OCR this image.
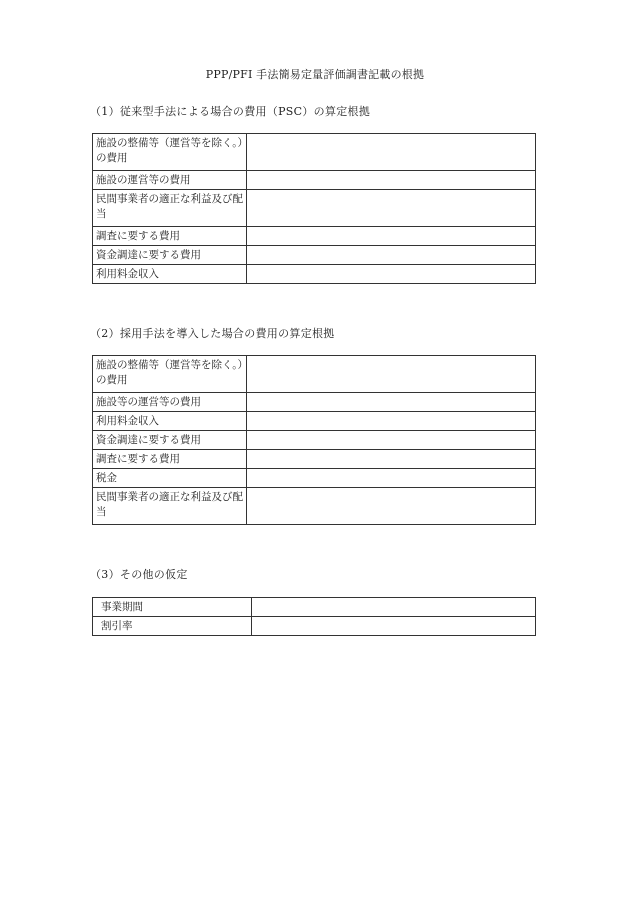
PPP/PFI 手法簡易定量評価調書記載の根拠
（1）従来型手法による場合の費用（PSC）の算定根拠
施設の整備等（運営等を除く。）の費用	
施設の運営等の費用	
民間事業者の適正な利益及び配当	
調査に要する費用	
資金調達に要する費用	
利用料金収入	
（2）採用手法を導入した場合の費用の算定根拠
施設の整備等（運営等を除く。）の費用	
施設等の運営等の費用	
利用料金収入	
資金調達に要する費用	
調査に要する費用	
税金	
民間事業者の適正な利益及び配当	
（3）その他の仮定
事業期間	
割引率	
